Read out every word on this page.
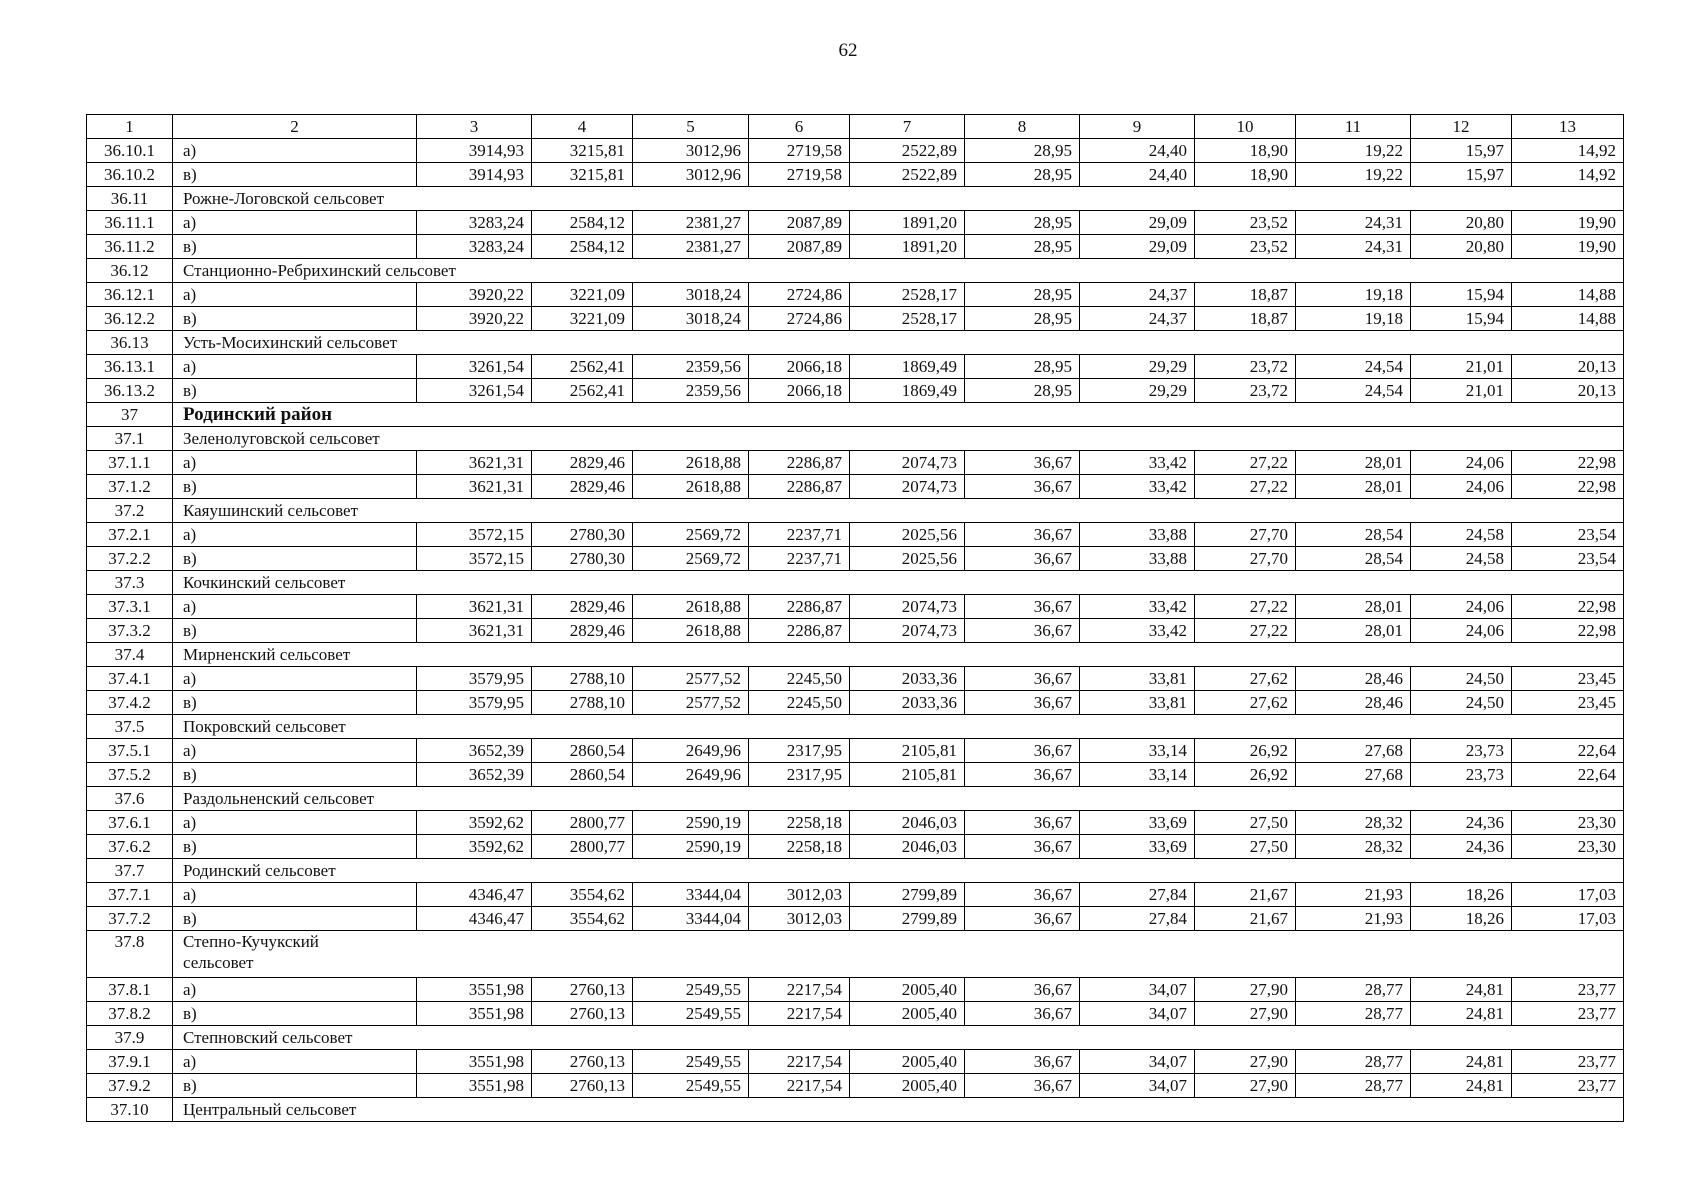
62
1	2	3	4	5	6	7	8	9	10	11	12	13
36.10.1	а)	3914,93	3215,81	3012,96	2719,58	2522,89	28,95	24,40	18,90	19,22	15,97	14,92
36.10.2	в)	3914,93	3215,81	3012,96	2719,58	2522,89	28,95	24,40	18,90	19,22	15,97	14,92
36.11	Рожне-Логовской сельсовет											
36.11.1	а)	3283,24	2584,12	2381,27	2087,89	1891,20	28,95	29,09	23,52	24,31	20,80	19,90
36.11.2	в)	3283,24	2584,12	2381,27	2087,89	1891,20	28,95	29,09	23,52	24,31	20,80	19,90
36.12	Станционно-Ребрихинский сельсовет											
36.12.1	а)	3920,22	3221,09	3018,24	2724,86	2528,17	28,95	24,37	18,87	19,18	15,94	14,88
36.12.2	в)	3920,22	3221,09	3018,24	2724,86	2528,17	28,95	24,37	18,87	19,18	15,94	14,88
36.13	Усть-Мосихинский сельсовет											
36.13.1	а)	3261,54	2562,41	2359,56	2066,18	1869,49	28,95	29,29	23,72	24,54	21,01	20,13
36.13.2	в)	3261,54	2562,41	2359,56	2066,18	1869,49	28,95	29,29	23,72	24,54	21,01	20,13
37	Родинский район											
37.1	Зеленолуговской сельсовет											
37.1.1	а)	3621,31	2829,46	2618,88	2286,87	2074,73	36,67	33,42	27,22	28,01	24,06	22,98
37.1.2	в)	3621,31	2829,46	2618,88	2286,87	2074,73	36,67	33,42	27,22	28,01	24,06	22,98
37.2	Каяушинский сельсовет											
37.2.1	а)	3572,15	2780,30	2569,72	2237,71	2025,56	36,67	33,88	27,70	28,54	24,58	23,54
37.2.2	в)	3572,15	2780,30	2569,72	2237,71	2025,56	36,67	33,88	27,70	28,54	24,58	23,54
37.3	Кочкинский сельсовет											
37.3.1	а)	3621,31	2829,46	2618,88	2286,87	2074,73	36,67	33,42	27,22	28,01	24,06	22,98
37.3.2	в)	3621,31	2829,46	2618,88	2286,87	2074,73	36,67	33,42	27,22	28,01	24,06	22,98
37.4	Мирненский сельсовет											
37.4.1	а)	3579,95	2788,10	2577,52	2245,50	2033,36	36,67	33,81	27,62	28,46	24,50	23,45
37.4.2	в)	3579,95	2788,10	2577,52	2245,50	2033,36	36,67	33,81	27,62	28,46	24,50	23,45
37.5	Покровский сельсовет											
37.5.1	а)	3652,39	2860,54	2649,96	2317,95	2105,81	36,67	33,14	26,92	27,68	23,73	22,64
37.5.2	в)	3652,39	2860,54	2649,96	2317,95	2105,81	36,67	33,14	26,92	27,68	23,73	22,64
37.6	Раздольненский сельсовет											
37.6.1	а)	3592,62	2800,77	2590,19	2258,18	2046,03	36,67	33,69	27,50	28,32	24,36	23,30
37.6.2	в)	3592,62	2800,77	2590,19	2258,18	2046,03	36,67	33,69	27,50	28,32	24,36	23,30
37.7	Родинский сельсовет											
37.7.1	а)	4346,47	3554,62	3344,04	3012,03	2799,89	36,67	27,84	21,67	21,93	18,26	17,03
37.7.2	в)	4346,47	3554,62	3344,04	3012,03	2799,89	36,67	27,84	21,67	21,93	18,26	17,03
37.8	Степно-Кучукский сельсовет											

37.8.1	а)	3551,98	2760,13	2549,55	2217,54	2005,40	36,67	34,07	27,90	28,77	24,81	23,77
37.8.2	в)	3551,98	2760,13	2549,55	2217,54	2005,40	36,67	34,07	27,90	28,77	24,81	23,77
37.9	Степновский сельсовет											
37.9.1	а)	3551,98	2760,13	2549,55	2217,54	2005,40	36,67	34,07	27,90	28,77	24,81	23,77
37.9.2	в)	3551,98	2760,13	2549,55	2217,54	2005,40	36,67	34,07	27,90	28,77	24,81	23,77
37.10	Центральный сельсовет											
